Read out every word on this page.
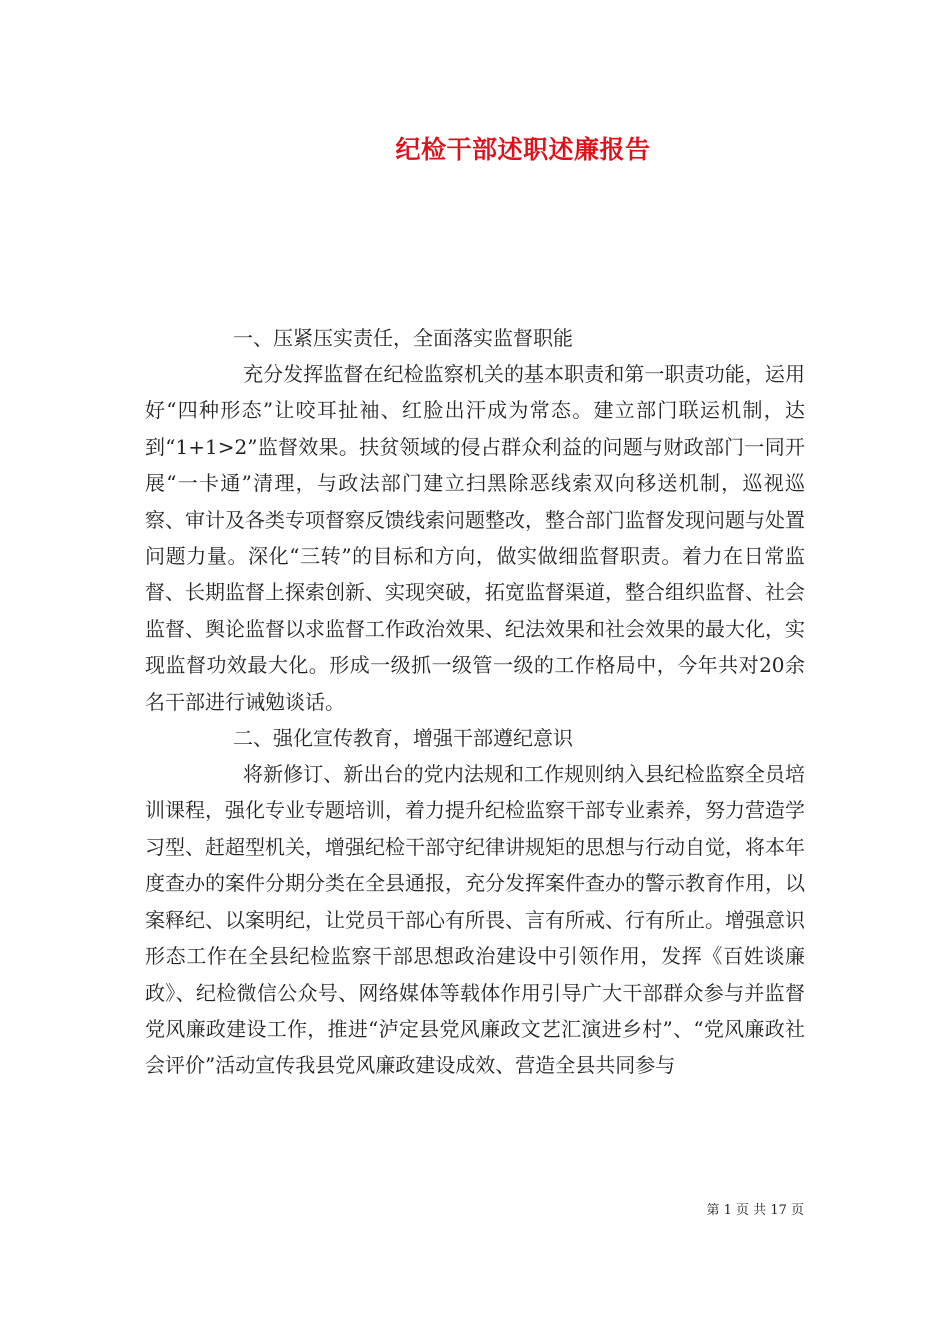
纪检干部述职述廉报告
一、压紧压实责任，全面落实监督职能

充分发挥监督在纪检监察机关的基本职责和第一职责功能，运用好“四种形态”让咬耳扯袖、红脸出汗成为常态。建立部门联运机制，达到“1+1>2”监督效果。扶贫领域的侵占群众利益的问题与财政部门一同开展“一卡通”清理，与政法部门建立扫黑除恶线索双向移送机制，巡视巡察、审计及各类专项督察反馈线索问题整改，整合部门监督发现问题与处置问题力量。深化“三转”的目标和方向，做实做细监督职责。着力在日常监督、长期监督上探索创新、实现突破，拓宽监督渠道，整合组织监督、社会监督、舆论监督以求监督工作政治效果、纪法效果和社会效果的最大化，实现监督功效最大化。形成一级抓一级管一级的工作格局中，今年共对20余名干部进行诫勉谈话。

二、强化宣传教育，增强干部遵纪意识

将新修订、新出台的党内法规和工作规则纳入县纪检监察全员培训课程，强化专业专题培训，着力提升纪检监察干部专业素养，努力营造学习型、赶超型机关，增强纪检干部守纪律讲规矩的思想与行动自觉，将本年度查办的案件分期分类在全县通报，充分发挥案件查办的警示教育作用，以案释纪、以案明纪，让党员干部心有所畏、言有所戒、行有所止。增强意识形态工作在全县纪检监察干部思想政治建设中引领作用，发挥《百姓谈廉政》、纪检微信公众号、网络媒体等载体作用引导广大干部群众参与并监督党风廉政建设工作，推进“泸定县党风廉政文艺汇演进乡村”、“党风廉政社会评价”活动宣传我县党风廉政建设成效、营造全县共同参与

第 1 页 共 17 页
